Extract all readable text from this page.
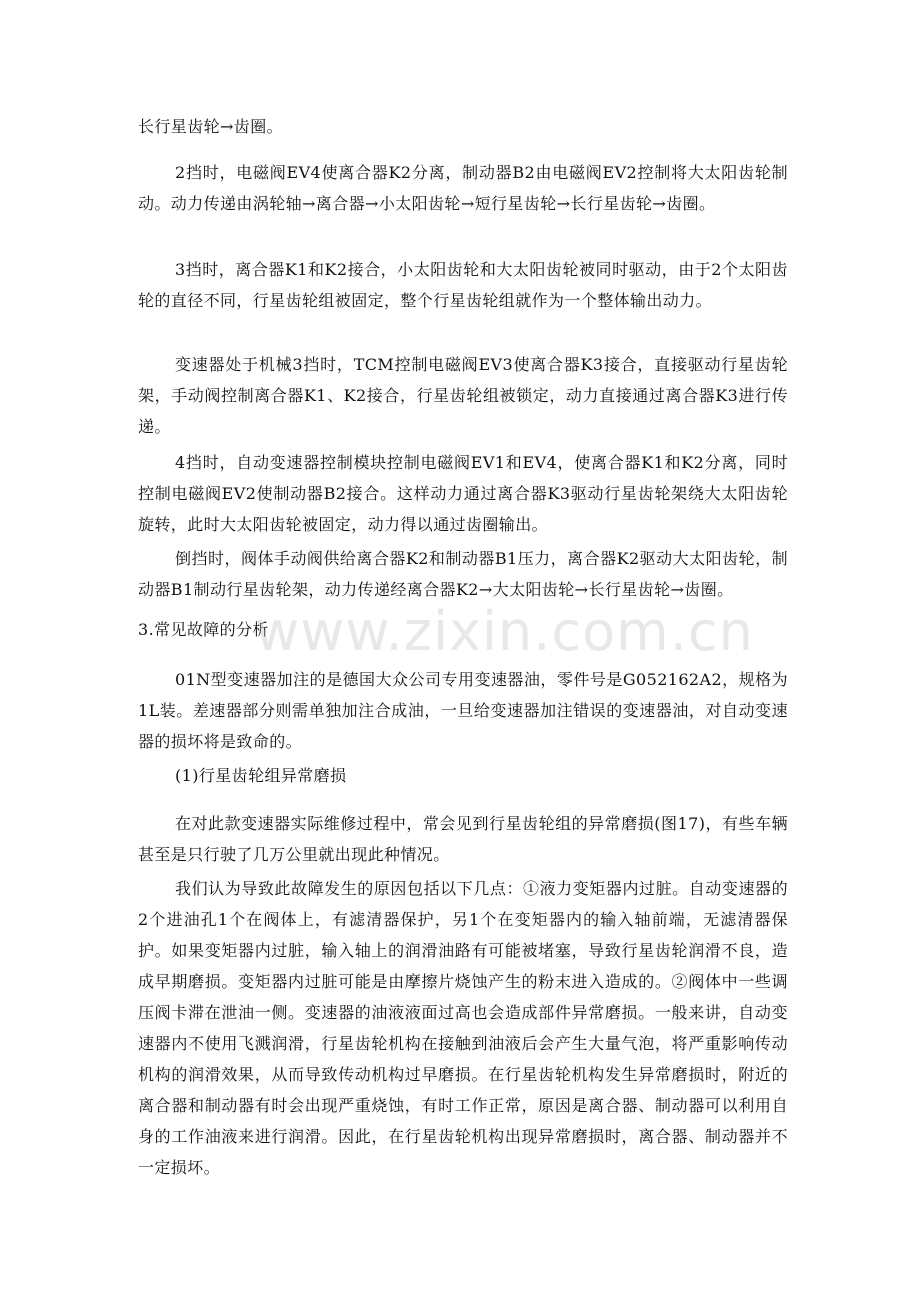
长行星齿轮→齿圈。

2挡时，电磁阀EV4使离合器K2分离，制动器B2由电磁阀EV2控制将大太阳齿轮制动。动力传递由涡轮轴→离合器→小太阳齿轮→短行星齿轮→长行星齿轮→齿圈。

3挡时，离合器K1和K2接合，小太阳齿轮和大太阳齿轮被同时驱动，由于2个太阳齿轮的直径不同，行星齿轮组被固定，整个行星齿轮组就作为一个整体输出动力。

变速器处于机械3挡时，TCM控制电磁阀EV3使离合器K3接合，直接驱动行星齿轮架，手动阀控制离合器K1、K2接合，行星齿轮组被锁定，动力直接通过离合器K3进行传递。

4挡时，自动变速器控制模块控制电磁阀EV1和EV4，使离合器K1和K2分离，同时控制电磁阀EV2使制动器B2接合。这样动力通过离合器K3驱动行星齿轮架绕大太阳齿轮旋转，此时大太阳齿轮被固定，动力得以通过齿圈输出。

倒挡时，阀体手动阀供给离合器K2和制动器B1压力，离合器K2驱动大太阳齿轮，制动器B1制动行星齿轮架，动力传递经离合器K2→大太阳齿轮→长行星齿轮→齿圈。

3.常见故障的分析

01N型变速器加注的是德国大众公司专用变速器油，零件号是G052162A2，规格为1L装。差速器部分则需单独加注合成油，一旦给变速器加注错误的变速器油，对自动变速器的损坏将是致命的。

(1)行星齿轮组异常磨损

在对此款变速器实际维修过程中，常会见到行星齿轮组的异常磨损(图17)，有些车辆甚至是只行驶了几万公里就出现此种情况。

我们认为导致此故障发生的原因包括以下几点：①液力变矩器内过脏。自动变速器的2个进油孔1个在阀体上，有滤清器保护，另1个在变矩器内的输入轴前端，无滤清器保护。如果变矩器内过脏，输入轴上的润滑油路有可能被堵塞，导致行星齿轮润滑不良，造成早期磨损。变矩器内过脏可能是由摩擦片烧蚀产生的粉末进入造成的。②阀体中一些调压阀卡滞在泄油一侧。变速器的油液液面过高也会造成部件异常磨损。一般来讲，自动变速器内不使用飞溅润滑，行星齿轮机构在接触到油液后会产生大量气泡，将严重影响传动机构的润滑效果，从而导致传动机构过早磨损。在行星齿轮机构发生异常磨损时，附近的离合器和制动器有时会出现严重烧蚀，有时工作正常，原因是离合器、制动器可以利用自身的工作油液来进行润滑。因此，在行星齿轮机构出现异常磨损时，离合器、制动器并不一定损坏。

www.zixin.com.cn
